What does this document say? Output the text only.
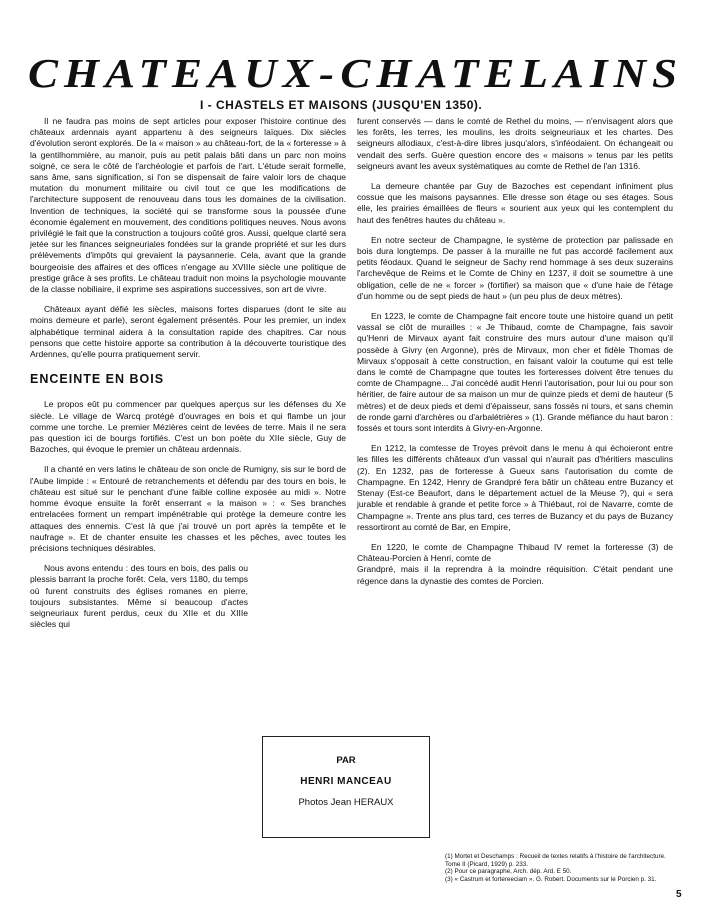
CHATEAUX - CHATELAINS
I - CHASTELS ET MAISONS (JUSQU'EN 1350).

Il ne faudra pas moins de sept articles pour exposer l'histoire continue des châteaux ardennais ayant appartenu à des seigneurs laïques. Dix siècles d'évolution seront explorés. De la « maison » au château-fort, de la « forteresse » à la gentilhommière, au manoir, puis au petit palais bâti dans un parc non moins soigné, ce sera le côté de l'archéologie et parfois de l'art. L'étude serait formelle, sans âme, sans signification, si l'on se dispensait de faire valoir lors de chaque mutation du monument militaire ou civil tout ce que les modifications de l'architecture supposent de renouveau dans tous les domaines de la civilisation. Invention de techniques, la société qui se transforme sous la poussée d'une économie également en mouvement, des conditions politiques neuves. Nous avons privilégié le fait que la construction a toujours coûté gros. Aussi, quelque clarté sera jetée sur les finances seigneuriales fondées sur la grande propriété et sur les durs prélèvements d'impôts qui grevaient la paysannerie. Cela, avant que la grande bourgeoisie des affaires et des offices n'engage au XVIIIe siècle une politique de prestige grâce à ses profits. Le château traduit non moins la psychologie mouvante de la classe nobiliaire, il exprime ses aspirations successives, son art de vivre.

Châteaux ayant défié les siècles, maisons fortes disparues (dont le site au moins demeure et parle), seront également présentés. Pour les premier, un index alphabétique terminal aidera à la consultation rapide des chapitres. Car nous pensons que cette histoire apporte sa contribution à la découverte touristique des Ardennes, qu'elle pourra pratiquement servir.

ENCEINTE EN BOIS

Le propos eût pu commencer par quelques aperçus sur les défenses du Xe siècle. Le village de Warcq protégé d'ouvrages en bois et qui flambe un jour comme une torche. Le premier Mézières ceint de levées de terre. Mais il ne sera pas question ici de bourgs fortifiés. C'est un bon poète du XIIe siècle, Guy de Bazoches, qui évoque le premier un château ardennais.

Il a chanté en vers latins le château de son oncle de Rumigny, sis sur le bord de l'Aube limpide : « Entouré de retranchements et défendu par des tours en bois, le château est situé sur le penchant d'une faible colline exposée au midi ». Notre homme évoque ensuite la forêt enserrant « la maison » : « Ses branches entrelacées forment un rempart impénétrable qui protège la demeure contre les attaques des ennemis. C'est là que j'ai trouvé un port après la tempête et le naufrage ». Et de chanter ensuite les chasses et les pêches, avec toutes les précisions techniques désirables.

Nous avons entendu : des tours en bois, des palis ou plessis barrant la proche forêt. Cela, vers 1180, du temps où furent construits des églises romanes en pierre, toujours subsistantes. Même si beaucoup d'actes seigneuriaux furent perdus, ceux du XIIe et du XIIIe siècles qui

furent conservés — dans le comté de Rethel du moins, — n'envisagent alors que les forêts, les terres, les moulins, les droits seigneuriaux et les chartes. Des seigneurs allodiaux, c'est-à-dire libres jusqu'alors, s'inféodaient. On échangeait ou vendait des serfs. Guère question encore des « maisons » tenus par les petits seigneurs avant les aveux systématiques au comte de Rethel de l'an 1316.

La demeure chantée par Guy de Bazoches est cependant infiniment plus cossue que les maisons paysannes. Elle dresse son étage ou ses étages. Sous elle, les prairies émaillées de fleurs « sourient aux yeux qui les contemplent du haut des fenêtres hautes du château ».

En notre secteur de Champagne, le système de protection par palissade en bois dura longtemps. De passer à la muraille ne fut pas accordé facilement aux petits féodaux. Quand le seigneur de Sachy rend hommage à ses deux suzerains l'archevêque de Reims et le Comte de Chiny en 1237, il doit se soumettre à une obligation, celle de ne « forcer » (fortifier) sa maison que « d'une haie de l'étage d'un homme ou de sept pieds de haut » (un peu plus de deux mètres).

En 1223, le comte de Champagne fait encore toute une histoire quand un petit vassal se clôt de murailles : « Je Thibaud, comte de Champagne, fais savoir qu'Henri de Mirvaux ayant fait construire des murs autour d'une maison qu'il possède à Givry (en Argonne), près de Mirvaux, mon cher et fidèle Thomas de Mirvaux s'opposait à cette construction, en faisant valoir la coutume qui est telle dans le comté de Champagne que toutes les forteresses doivent être tenues du comte de Champagne... J'ai concédé audit Henri l'autorisation, pour lui ou pour son héritier, de faire autour de sa maison un mur de quinze pieds et demi de hauteur (5 mètres) et de deux pieds et demi d'épaisseur, sans fossés ni tours, et sans chemin de ronde garni d'archères ou d'arbalétrières » (1). Grande méfiance du haut baron : fossés et tours sont interdits à Givry-en-Argonne.

En 1212, la comtesse de Troyes prévoit dans le menu à qui échoieront entre les filles les différents châteaux d'un vassal qui n'aurait pas d'héritiers masculins (2). En 1232, pas de forteresse à Gueux sans l'autorisation du comte de Champagne. En 1242, Henry de Grandpré fera bâtir un château entre Buzancy et Stenay (Est-ce Beaufort, dans le département actuel de la Meuse ?), qui « sera jurable et rendable à grande et petite force » à Thiébaut, roi de Navarre, comte de Champagne ». Trente ans plus tard, ces terres de Buzancy et du pays de Buzancy ressortiront au comté de Bar, en Empire,

En 1220, le comte de Champagne Thibaud IV remet la forteresse (3) de Château-Porcien à Henri, comte de

Grandpré, mais il la reprendra à la moindre réquisition. C'était pendant une régence dans la dynastie des comtes de Porcien.

PAR
HENRI MANCEAU
Photos Jean HERAUX
(1) Mortet et Deschamps : Recueil de textes relatifs à l'histoire de l'architecture. Tome II (Picard, 1929) p. 233.
(2) Pour ce paragraphe, Arch. dép. Ard. E 50.
(3) « Castrum et fortereeciam ». G. Robert. Documents sur le Porcien p. 31.
5
